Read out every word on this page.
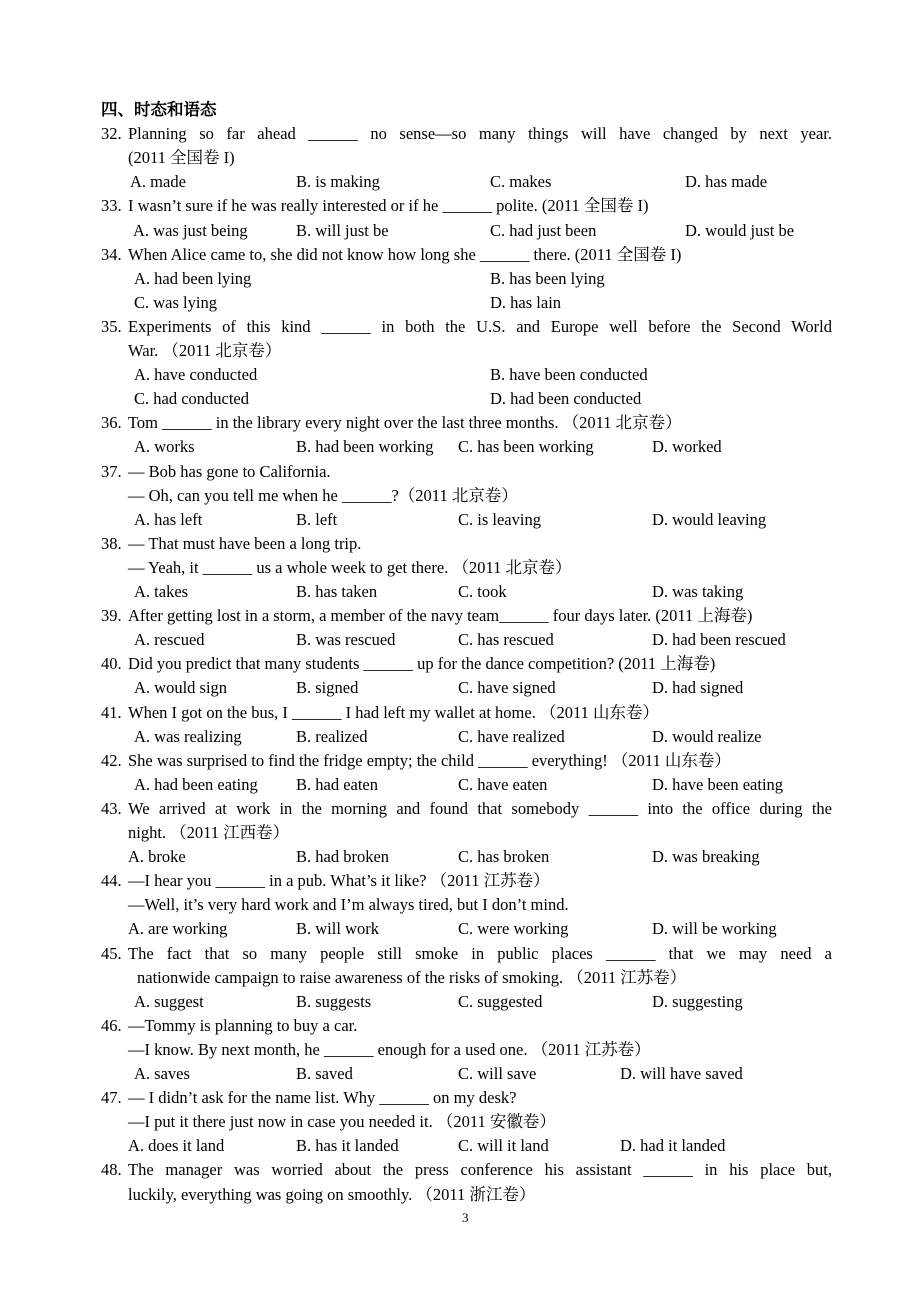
四、时态和语态
32. Planning so far ahead ______ no sense—so many things will have changed by next year.
(2011 全国卷 I)
A. made	B. is making	C. makes	D. has made
33. I wasn’t sure if he was really interested or if he ______ polite. (2011 全国卷 I)
A. was just being	B. will just be	C. had just been	D. would just be
34. When Alice came to, she did not know how long she ______ there. (2011 全国卷 I)
A. had been lying	B. has been lying
C. was lying	D. has lain
35. Experiments of this kind ______ in both the U.S. and Europe well before the Second World
War. （2011 北京卷）
A. have conducted	B. have been conducted
C. had conducted	D. had been conducted
36. Tom ______ in the library every night over the last three months. （2011 北京卷）
A. works	B. had been working C. has been working	D. worked
37. — Bob has gone to California.
— Oh, can you tell me when he ______?（2011 北京卷）
A. has left	B. left	C. is leaving	D. would leaving
38. — That must have been a long trip.
— Yeah, it ______ us a whole week to get there. （2011 北京卷）
A. takes	B. has taken	C. took	D. was taking
39. After getting lost in a storm, a member of the navy team______ four days later. (2011 上海卷)
A. rescued	B. was rescued	C. has rescued	D. had been rescued
40. Did you predict that many students ______ up for the dance competition? (2011 上海卷)
A. would sign	B. signed	C. have signed	D. had signed
41. When I got on the bus, I ______ I had left my wallet at home. （2011 山东卷）
A. was realizing	B. realized	C. have realized	D. would realize
42. She was surprised to find the fridge empty; the child ______ everything! （2011 山东卷）
A. had been eating B. had eaten	C. have eaten	D. have been eating
43. We arrived at work in the morning and found that somebody ______ into the office during the
night. （2011 江西卷）
A. broke	B. had broken	C. has broken	D. was breaking
44. —I hear you ______ in a pub. What’s it like? （2011 江苏卷）
—Well, it’s very hard work and I’m always tired, but I don’t mind.
A. are working	B. will work	C. were working	D. will be working
45. The fact that so many people still smoke in public places ______ that we may need a
nationwide campaign to raise awareness of the risks of smoking. （2011 江苏卷）
A. suggest	B. suggests	C. suggested	D. suggesting
46. —Tommy is planning to buy a car.
—I know. By next month, he ______ enough for a used one. （2011 江苏卷）
A. saves	B. saved	C. will save	D. will have saved
47. — I didn’t ask for the name list. Why ______ on my desk?
—I put it there just now in case you needed it. （2011 安徽卷）
A. does it land	B. has it landed	C. will it land	D. had it landed
48. The manager was worried about the press conference his assistant ______ in his place but,
luckily, everything was going on smoothly. （2011 浙江卷）
3
